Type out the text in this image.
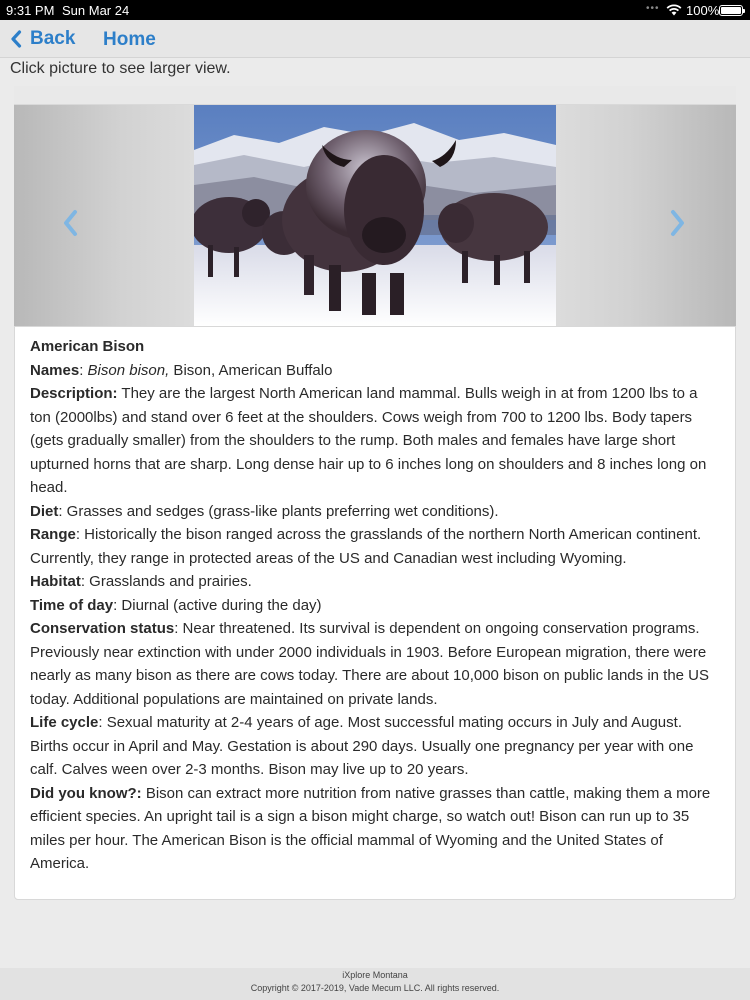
9:31 PM Sun Mar 24	••• 100%
Back Home
Click picture to see larger view.

American Bison

Names: Bison bison, Bison, American Buffalo

Description: They are the largest North American land mammal. Bulls weigh in at from 1200 lbs to a ton (2000lbs) and stand over 6 feet at the shoulders. Cows weigh from 700 to 1200 lbs. Body tapers (gets gradually smaller) from the shoulders to the rump. Both males and females have large short upturned horns that are sharp. Long dense hair up to 6 inches long on shoulders and 8 inches long on head.

Diet: Grasses and sedges (grass-like plants preferring wet conditions).

Range: Historically the bison ranged across the grasslands of the northern North American continent. Currently, they range in protected areas of the US and Canadian west including Wyoming.

Habitat: Grasslands and prairies.

Time of day: Diurnal (active during the day)

Conservation status: Near threatened. Its survival is dependent on ongoing conservation programs. Previously near extinction with under 2000 individuals in 1903. Before European migration, there were nearly as many bison as there are cows today. There are about 10,000 bison on public lands in the US today. Additional populations are maintained on private lands.

Life cycle: Sexual maturity at 2-4 years of age. Most successful mating occurs in July and August. Births occur in April and May. Gestation is about 290 days. Usually one pregnancy per year with one calf. Calves ween over 2-3 months. Bison may live up to 20 years.

Did you know?: Bison can extract more nutrition from native grasses than cattle, making them a more efficient species. An upright tail is a sign a bison might charge, so watch out! Bison can run up to 35 miles per hour. The American Bison is the official mammal of Wyoming and the United States of America.

iXplore Montana
Copyright © 2017-2019, Vade Mecum LLC. All rights reserved.
